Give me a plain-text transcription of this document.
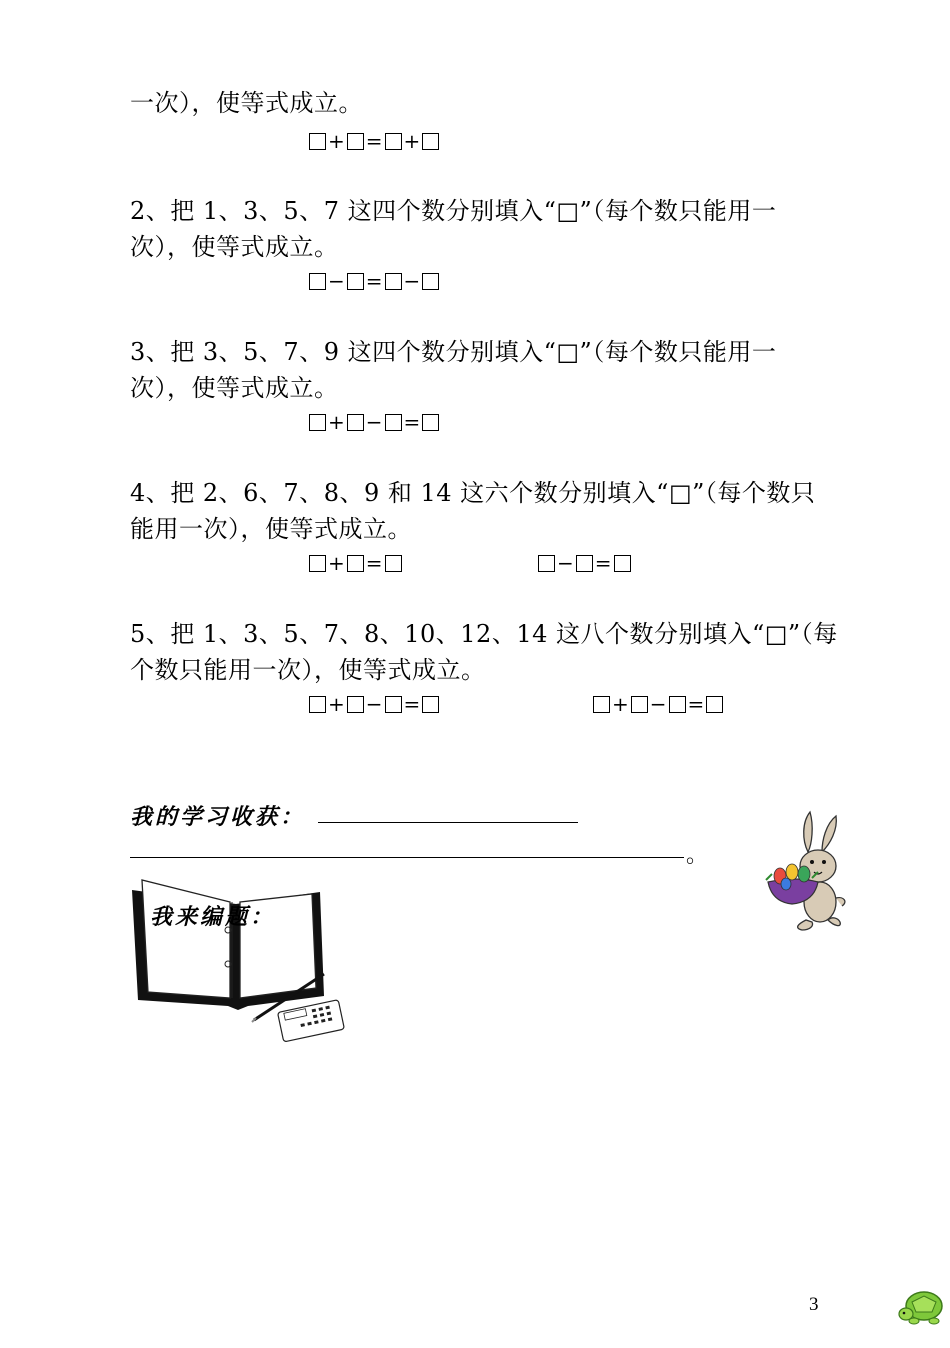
一次），使等式成立。
+ = +
2、把 1、3、5、7 这四个数分别填入“□”（每个数只能用一
次），使等式成立。
− = −
3、把 3、5、7、9 这四个数分别填入“□”（每个数只能用一
次），使等式成立。
+ − =
4、把 2、6、7、8、9 和 14 这六个数分别填入“□”（每个数只
能用一次），使等式成立。
+ =	− =
5、把 1、3、5、7、8、10、12、14 这八个数分别填入“□”（每
个数只能用一次），使等式成立。
+ − =	+ − =
我的学习收获：
。
我来编题：
3
